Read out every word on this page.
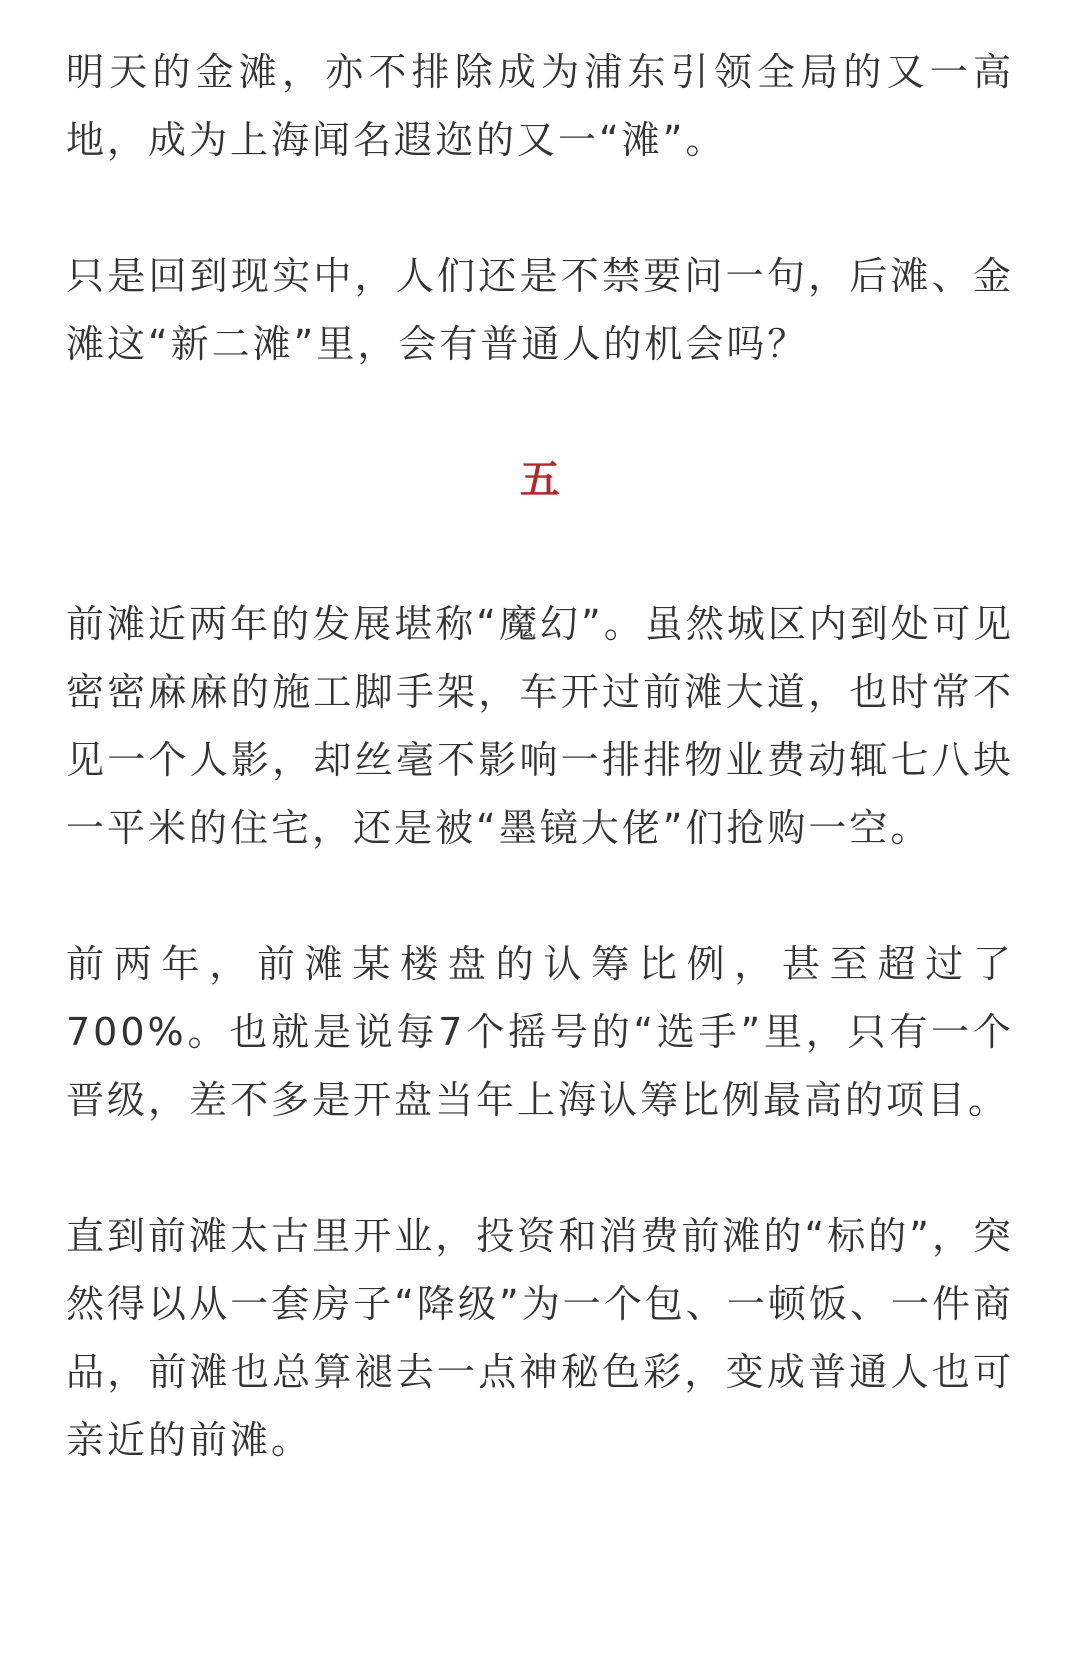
明天的金滩，亦不排除成为浦东引领全局的又一高地，成为上海闻名遐迩的又一“滩”。

只是回到现实中，人们还是不禁要问一句，后滩、金滩这“新二滩”里，会有普通人的机会吗？

五

前滩近两年的发展堪称“魔幻”。虽然城区内到处可见密密麻麻的施工脚手架，车开过前滩大道，也时常不见一个人影，却丝毫不影响一排排物业费动辄七八块一平米的住宅，还是被“墨镜大佬”们抢购一空。

前两年，前滩某楼盘的认筹比例，甚至超过了700%。也就是说每7个摇号的“选手”里，只有一个晋级，差不多是开盘当年上海认筹比例最高的项目。

直到前滩太古里开业，投资和消费前滩的“标的”，突然得以从一套房子“降级”为一个包、一顿饭、一件商品，前滩也总算褪去一点神秘色彩，变成普通人也可亲近的前滩。
